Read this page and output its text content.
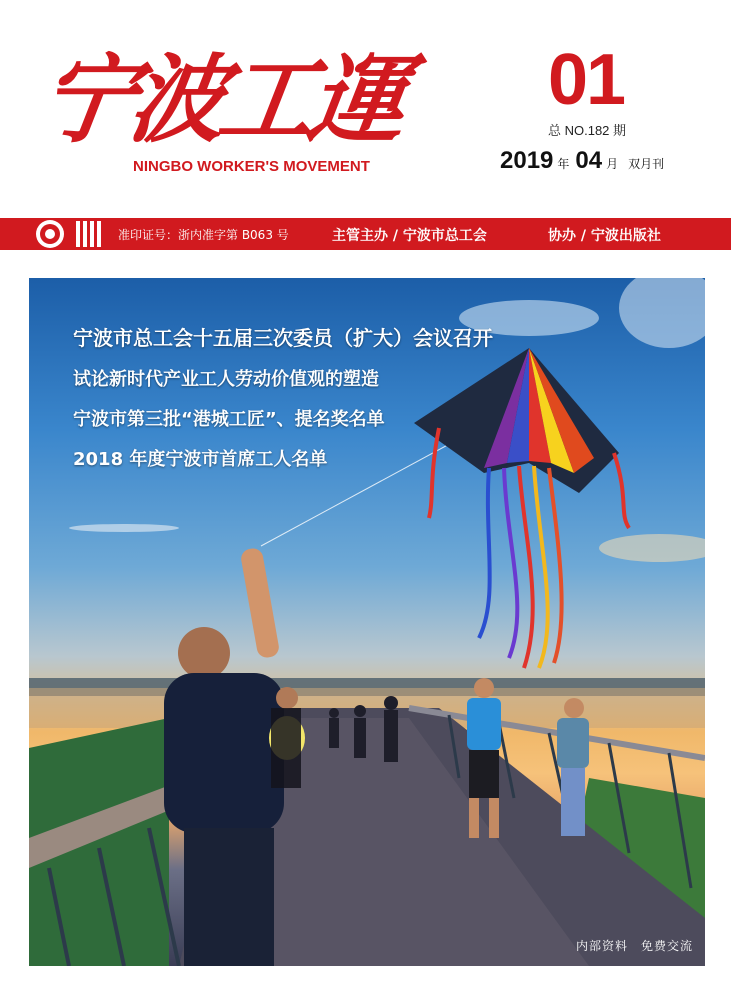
宁波工運
NINGBO WORKER'S MOVEMENT
01
总 NO.182 期
2019 年 04 月 双月刊
准印证号：浙内准字第 B063 号	主管主办 / 宁波市总工会	协办 / 宁波出版社
宁波市总工会十五届三次委员（扩大）会议召开
试论新时代产业工人劳动价值观的塑造
宁波市第三批“港城工匠”、提名奖名单
2018 年度宁波市首席工人名单
内部资料　免费交流
